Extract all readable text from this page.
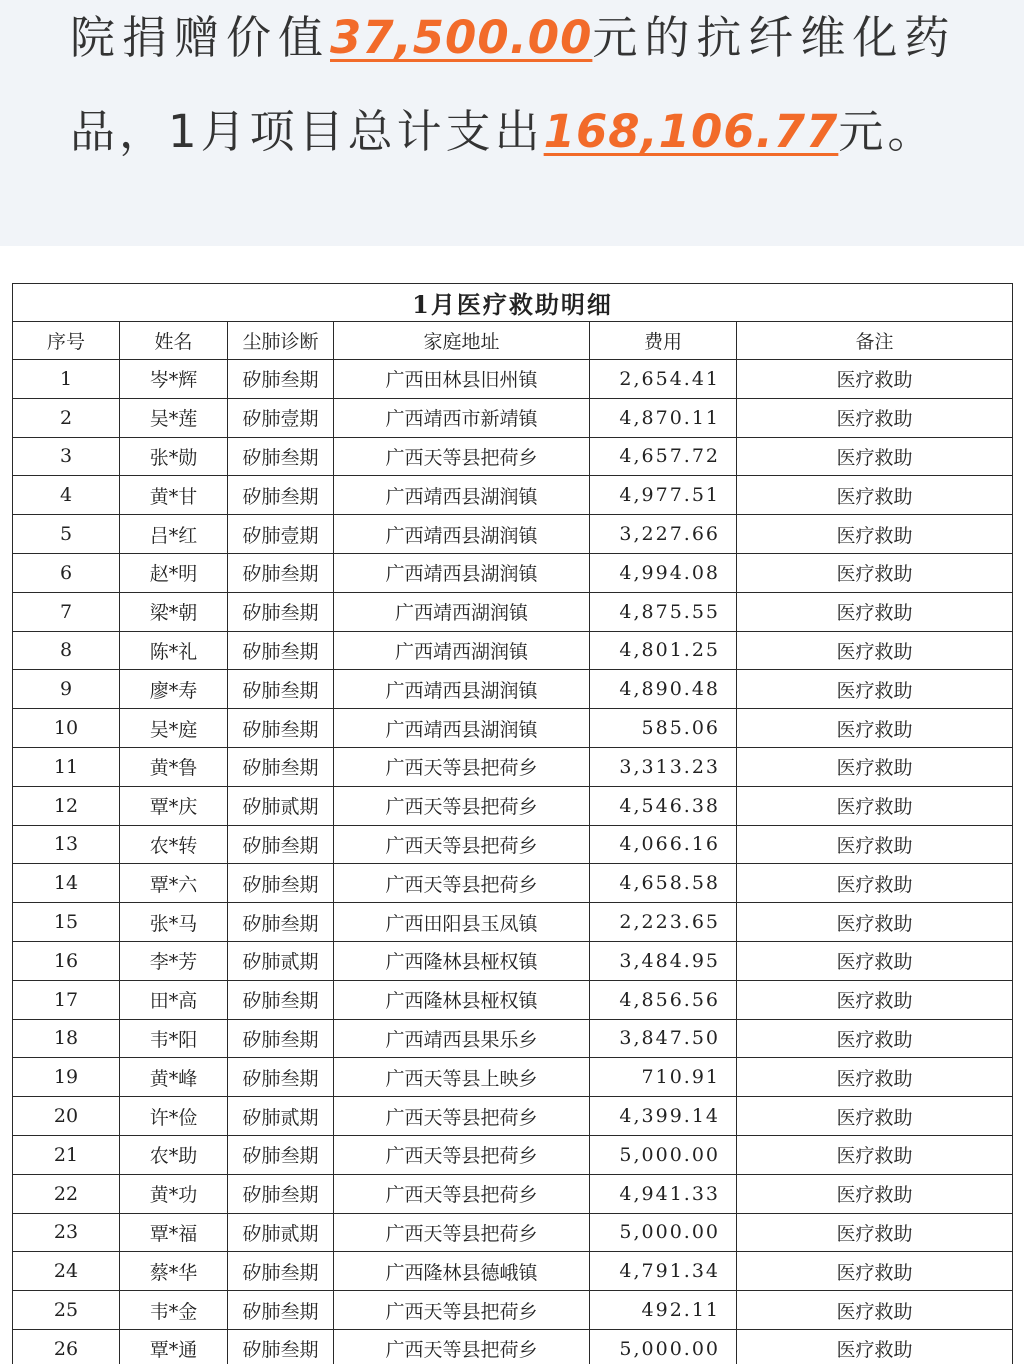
院捐赠价值37,500.00元的抗纤维化药
品，1月项目总计支出168,106.77元。
1月医疗救助明细					
序号	姓名	尘肺诊断	家庭地址	费用	备注
1	岑*辉	矽肺叁期	广西田林县旧州镇	2,654.41	医疗救助
2	吴*莲	矽肺壹期	广西靖西市新靖镇	4,870.11	医疗救助
3	张*勋	矽肺叁期	广西天等县把荷乡	4,657.72	医疗救助
4	黄*甘	矽肺叁期	广西靖西县湖润镇	4,977.51	医疗救助
5	吕*红	矽肺壹期	广西靖西县湖润镇	3,227.66	医疗救助
6	赵*明	矽肺叁期	广西靖西县湖润镇	4,994.08	医疗救助
7	梁*朝	矽肺叁期	广西靖西湖润镇	4,875.55	医疗救助
8	陈*礼	矽肺叁期	广西靖西湖润镇	4,801.25	医疗救助
9	廖*寿	矽肺叁期	广西靖西县湖润镇	4,890.48	医疗救助
10	吴*庭	矽肺叁期	广西靖西县湖润镇	585.06	医疗救助
11	黄*鲁	矽肺叁期	广西天等县把荷乡	3,313.23	医疗救助
12	覃*庆	矽肺贰期	广西天等县把荷乡	4,546.38	医疗救助
13	农*转	矽肺叁期	广西天等县把荷乡	4,066.16	医疗救助
14	覃*六	矽肺叁期	广西天等县把荷乡	4,658.58	医疗救助
15	张*马	矽肺叁期	广西田阳县玉凤镇	2,223.65	医疗救助
16	李*芳	矽肺贰期	广西隆林县桠权镇	3,484.95	医疗救助
17	田*高	矽肺叁期	广西隆林县桠权镇	4,856.56	医疗救助
18	韦*阳	矽肺叁期	广西靖西县果乐乡	3,847.50	医疗救助
19	黄*峰	矽肺叁期	广西天等县上映乡	710.91	医疗救助
20	许*俭	矽肺贰期	广西天等县把荷乡	4,399.14	医疗救助
21	农*助	矽肺叁期	广西天等县把荷乡	5,000.00	医疗救助
22	黄*功	矽肺叁期	广西天等县把荷乡	4,941.33	医疗救助
23	覃*福	矽肺贰期	广西天等县把荷乡	5,000.00	医疗救助
24	蔡*华	矽肺叁期	广西隆林县德峨镇	4,791.34	医疗救助
25	韦*金	矽肺叁期	广西天等县把荷乡	492.11	医疗救助
26	覃*通	矽肺叁期	广西天等县把荷乡	5,000.00	医疗救助
